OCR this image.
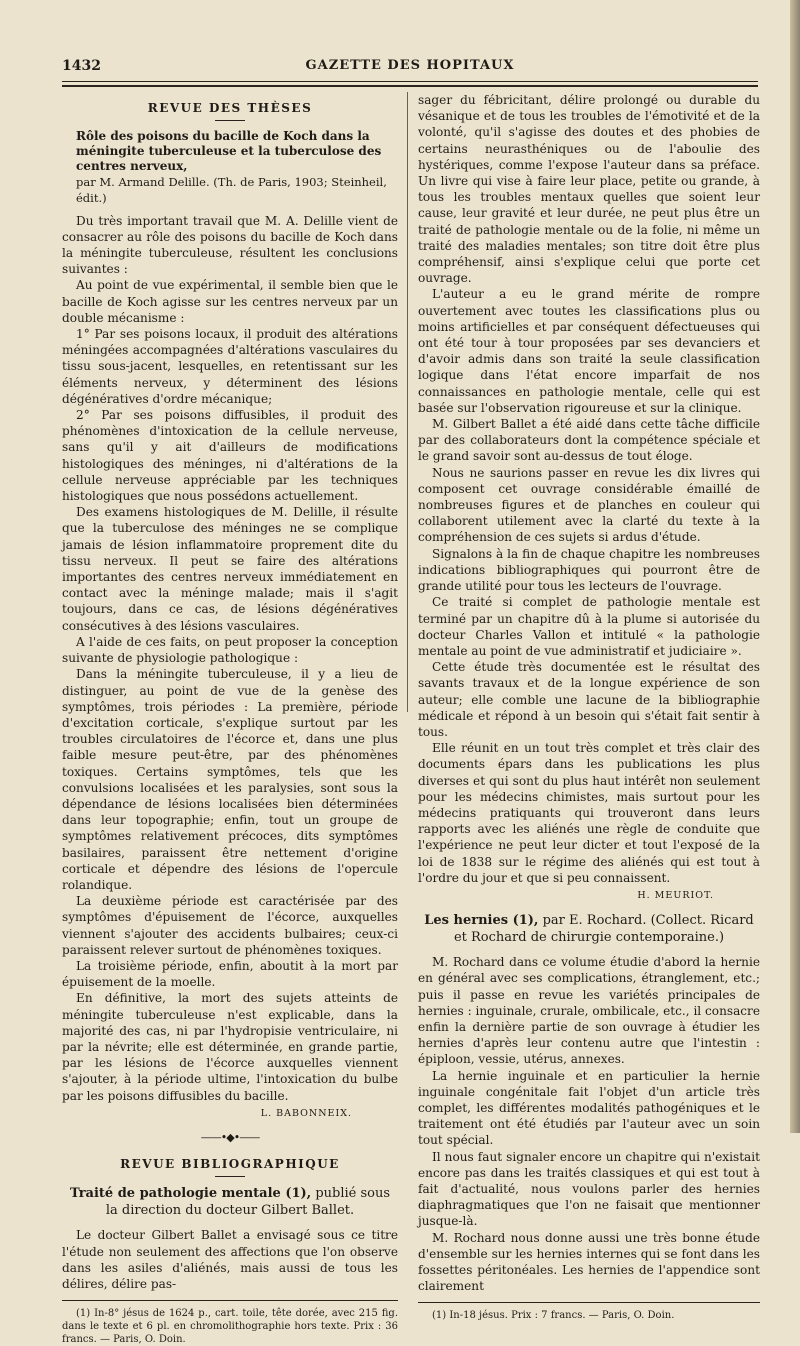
1432	GAZETTE DES HOPITAUX
REVUE DES THÈSES

Rôle des poisons du bacille de Koch dans la méningite tuberculeuse et la tuberculose des centres nerveux,

par M. Armand Delille. (Th. de Paris, 1903; Steinheil, édit.)

Du très important travail que M. A. Delille vient de consacrer au rôle des poisons du bacille de Koch dans la méningite tuberculeuse, résultent les conclusions suivantes :

Au point de vue expérimental, il semble bien que le bacille de Koch agisse sur les centres nerveux par un double mécanisme :

1° Par ses poisons locaux, il produit des altérations méningées accompagnées d'altérations vasculaires du tissu sous-jacent, lesquelles, en retentissant sur les éléments nerveux, y déterminent des lésions dégénératives d'ordre mécanique;

2° Par ses poisons diffusibles, il produit des phénomènes d'intoxication de la cellule nerveuse, sans qu'il y ait d'ailleurs de modifications histologiques des méninges, ni d'altérations de la cellule nerveuse appréciable par les techniques histologiques que nous possédons actuellement.

Des examens histologiques de M. Delille, il résulte que la tuberculose des méninges ne se complique jamais de lésion inflammatoire proprement dite du tissu nerveux. Il peut se faire des altérations importantes des centres nerveux immédiatement en contact avec la méninge malade; mais il s'agit toujours, dans ce cas, de lésions dégénératives consécutives à des lésions vasculaires.

A l'aide de ces faits, on peut proposer la conception suivante de physiologie pathologique :

Dans la méningite tuberculeuse, il y a lieu de distinguer, au point de vue de la genèse des symptômes, trois périodes : La première, période d'excitation corticale, s'explique surtout par les troubles circulatoires de l'écorce et, dans une plus faible mesure peut-être, par des phénomènes toxiques. Certains symptômes, tels que les convulsions localisées et les paralysies, sont sous la dépendance de lésions localisées bien déterminées dans leur topographie; enfin, tout un groupe de symptômes relativement précoces, dits symptômes basilaires, paraissent être nettement d'origine corticale et dépendre des lésions de l'opercule rolandique.

La deuxième période est caractérisée par des symptômes d'épuisement de l'écorce, auxquelles viennent s'ajouter des accidents bulbaires; ceux-ci paraissent relever surtout de phénomènes toxiques.

La troisième période, enfin, aboutit à la mort par épuisement de la moelle.

En définitive, la mort des sujets atteints de méningite tuberculeuse n'est explicable, dans la majorité des cas, ni par l'hydropisie ventriculaire, ni par la névrite; elle est déterminée, en grande partie, par les lésions de l'écorce auxquelles viennent s'ajouter, à la période ultime, l'intoxication du bulbe par les poisons diffusibles du bacille.

L. BABONNEIX.

——•◆•——
REVUE BIBLIOGRAPHIQUE

Traité de pathologie mentale (1), publié sous la direction du docteur Gilbert Ballet.

Le docteur Gilbert Ballet a envisagé sous ce titre l'étude non seulement des affections que l'on observe dans les asiles d'aliénés, mais aussi de tous les délires, délire pas-

(1) In-8° jésus de 1624 p., cart. toile, tête dorée, avec 215 fig. dans le texte et 6 pl. en chromolithographie hors texte. Prix : 36 francs. — Paris, O. Doin.

sager du fébricitant, délire prolongé ou durable du vésanique et de tous les troubles de l'émotivité et de la volonté, qu'il s'agisse des doutes et des phobies de certains neurasthéniques ou de l'aboulie des hystériques, comme l'expose l'auteur dans sa préface. Un livre qui vise à faire leur place, petite ou grande, à tous les troubles mentaux quelles que soient leur cause, leur gravité et leur durée, ne peut plus être un traité de pathologie mentale ou de la folie, ni même un traité des maladies mentales; son titre doit être plus compréhensif, ainsi s'explique celui que porte cet ouvrage.

L'auteur a eu le grand mérite de rompre ouvertement avec toutes les classifications plus ou moins artificielles et par conséquent défectueuses qui ont été tour à tour proposées par ses devanciers et d'avoir admis dans son traité la seule classification logique dans l'état encore imparfait de nos connaissances en pathologie mentale, celle qui est basée sur l'observation rigoureuse et sur la clinique.

M. Gilbert Ballet a été aidé dans cette tâche difficile par des collaborateurs dont la compétence spéciale et le grand savoir sont au-dessus de tout éloge.

Nous ne saurions passer en revue les dix livres qui composent cet ouvrage considérable émaillé de nombreuses figures et de planches en couleur qui collaborent utilement avec la clarté du texte à la compréhension de ces sujets si ardus d'étude.

Signalons à la fin de chaque chapitre les nombreuses indications bibliographiques qui pourront être de grande utilité pour tous les lecteurs de l'ouvrage.

Ce traité si complet de pathologie mentale est terminé par un chapitre dû à la plume si autorisée du docteur Charles Vallon et intitulé « la pathologie mentale au point de vue administratif et judiciaire ».

Cette étude très documentée est le résultat des savants travaux et de la longue expérience de son auteur; elle comble une lacune de la bibliographie médicale et répond à un besoin qui s'était fait sentir à tous.

Elle réunit en un tout très complet et très clair des documents épars dans les publications les plus diverses et qui sont du plus haut intérêt non seulement pour les médecins chimistes, mais surtout pour les médecins pratiquants qui trouveront dans leurs rapports avec les aliénés une règle de conduite que l'expérience ne peut leur dicter et tout l'exposé de la loi de 1838 sur le régime des aliénés qui est tout à l'ordre du jour et que si peu connaissent.

H. MEURIOT.

Les hernies (1), par E. Rochard. (Collect. Ricard et Rochard de chirurgie contemporaine.)

M. Rochard dans ce volume étudie d'abord la hernie en général avec ses complications, étranglement, etc.; puis il passe en revue les variétés principales de hernies : inguinale, crurale, ombilicale, etc., il consacre enfin la dernière partie de son ouvrage à étudier les hernies d'après leur contenu autre que l'intestin : épiploon, vessie, utérus, annexes.

La hernie inguinale et en particulier la hernie inguinale congénitale fait l'objet d'un article très complet, les différentes modalités pathogéniques et le traitement ont été étudiés par l'auteur avec un soin tout spécial.

Il nous faut signaler encore un chapitre qui n'existait encore pas dans les traités classiques et qui est tout à fait d'actualité, nous voulons parler des hernies diaphragmatiques que l'on ne faisait que mentionner jusque-là.

M. Rochard nous donne aussi une très bonne étude d'ensemble sur les hernies internes qui se font dans les fossettes péritonéales. Les hernies de l'appendice sont clairement

(1) In-18 jésus. Prix : 7 francs. — Paris, O. Doin.
